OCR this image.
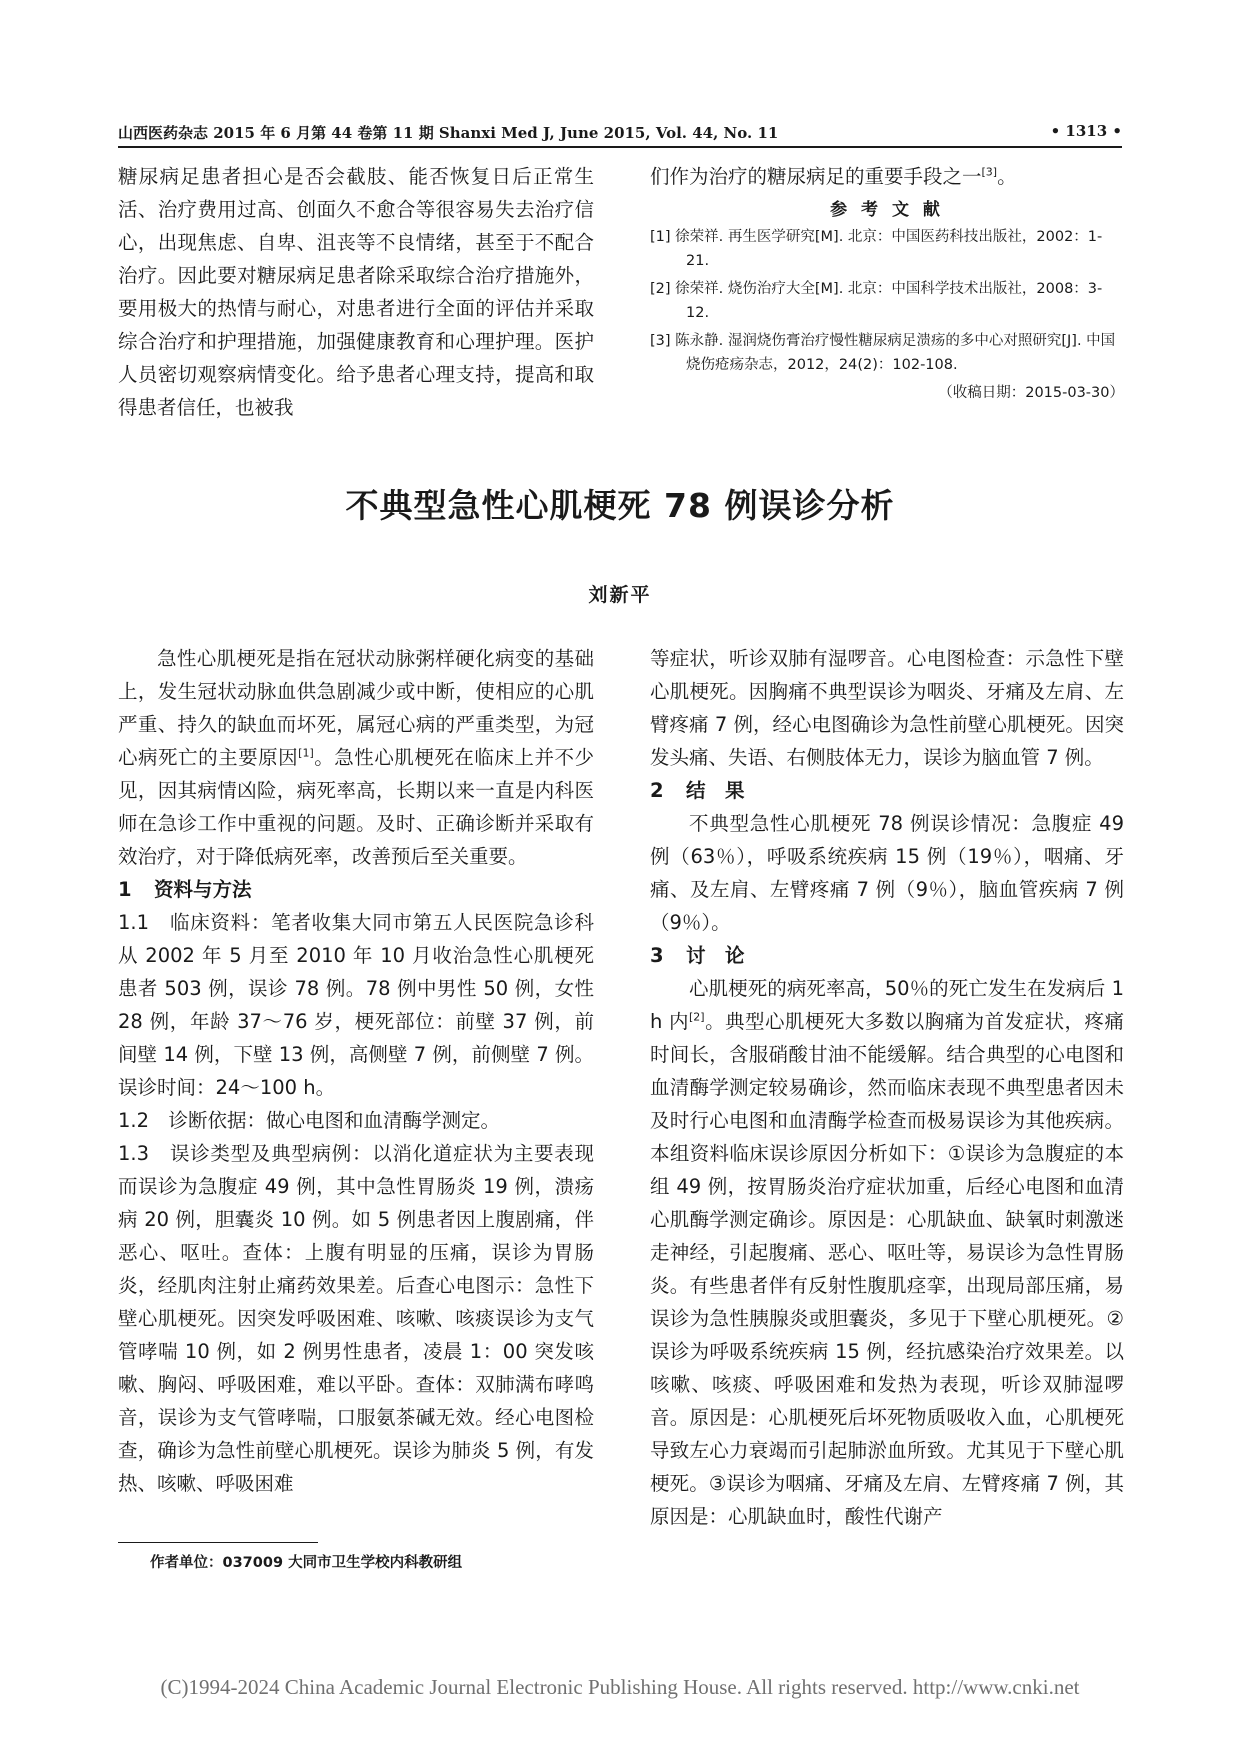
山西医药杂志 2015 年 6 月第 44 卷第 11 期 Shanxi Med J, June 2015, Vol. 44, No. 11	• 1313 •

糖尿病足患者担心是否会截肢、能否恢复日后正常生活、治疗费用过高、创面久不愈合等很容易失去治疗信心，出现焦虑、自卑、沮丧等不良情绪，甚至于不配合治疗。因此要对糖尿病足患者除采取综合治疗措施外，要用极大的热情与耐心，对患者进行全面的评估并采取综合治疗和护理措施，加强健康教育和心理护理。医护人员密切观察病情变化。给予患者心理支持，提高和取得患者信任，也被我

们作为治疗的糖尿病足的重要手段之一[3]。

参 考 文 献
[1] 徐荣祥. 再生医学研究[M]. 北京：中国医药科技出版社，2002：1-21.
[2] 徐荣祥. 烧伤治疗大全[M]. 北京：中国科学技术出版社，2008：3-12.
[3] 陈永静. 湿润烧伤膏治疗慢性糖尿病足溃疡的多中心对照研究[J]. 中国烧伤疮疡杂志，2012，24(2)：102-108.
（收稿日期：2015-03-30）
不典型急性心肌梗死 78 例误诊分析
刘新平

急性心肌梗死是指在冠状动脉粥样硬化病变的基础上，发生冠状动脉血供急剧减少或中断，使相应的心肌严重、持久的缺血而坏死，属冠心病的严重类型，为冠心病死亡的主要原因[1]。急性心肌梗死在临床上并不少见，因其病情凶险，病死率高，长期以来一直是内科医师在急诊工作中重视的问题。及时、正确诊断并采取有效治疗，对于降低病死率，改善预后至关重要。

1 资料与方法

1.1　临床资料：笔者收集大同市第五人民医院急诊科从 2002 年 5 月至 2010 年 10 月收治急性心肌梗死患者 503 例，误诊 78 例。78 例中男性 50 例，女性 28 例，年龄 37～76 岁，梗死部位：前壁 37 例，前间壁 14 例，下壁 13 例，高侧壁 7 例，前侧壁 7 例。误诊时间：24～100 h。

1.2　诊断依据：做心电图和血清酶学测定。

1.3　误诊类型及典型病例：以消化道症状为主要表现而误诊为急腹症 49 例，其中急性胃肠炎 19 例，溃疡病 20 例，胆囊炎 10 例。如 5 例患者因上腹剧痛，伴恶心、呕吐。查体：上腹有明显的压痛，误诊为胃肠炎，经肌肉注射止痛药效果差。后查心电图示：急性下壁心肌梗死。因突发呼吸困难、咳嗽、咳痰误诊为支气管哮喘 10 例，如 2 例男性患者，凌晨 1：00 突发咳嗽、胸闷、呼吸困难，难以平卧。查体：双肺满布哮鸣音，误诊为支气管哮喘，口服氨茶碱无效。经心电图检查，确诊为急性前壁心肌梗死。误诊为肺炎 5 例，有发热、咳嗽、呼吸困难

等症状，听诊双肺有湿啰音。心电图检查：示急性下壁心肌梗死。因胸痛不典型误诊为咽炎、牙痛及左肩、左臂疼痛 7 例，经心电图确诊为急性前壁心肌梗死。因突发头痛、失语、右侧肢体无力，误诊为脑血管 7 例。

2 结　果

不典型急性心肌梗死 78 例误诊情况：急腹症 49 例（63％），呼吸系统疾病 15 例（19％），咽痛、牙痛、及左肩、左臂疼痛 7 例（9％），脑血管疾病 7 例（9％）。

3 讨　论

心肌梗死的病死率高，50％的死亡发生在发病后 1 h 内[2]。典型心肌梗死大多数以胸痛为首发症状，疼痛时间长，含服硝酸甘油不能缓解。结合典型的心电图和血清酶学测定较易确诊，然而临床表现不典型患者因未及时行心电图和血清酶学检查而极易误诊为其他疾病。本组资料临床误诊原因分析如下：①误诊为急腹症的本组 49 例，按胃肠炎治疗症状加重，后经心电图和血清心肌酶学测定确诊。原因是：心肌缺血、缺氧时刺激迷走神经，引起腹痛、恶心、呕吐等，易误诊为急性胃肠炎。有些患者伴有反射性腹肌痉挛，出现局部压痛，易误诊为急性胰腺炎或胆囊炎，多见于下壁心肌梗死。②误诊为呼吸系统疾病 15 例，经抗感染治疗效果差。以咳嗽、咳痰、呼吸困难和发热为表现，听诊双肺湿啰音。原因是：心肌梗死后坏死物质吸收入血，心肌梗死导致左心力衰竭而引起肺淤血所致。尤其见于下壁心肌梗死。③误诊为咽痛、牙痛及左肩、左臂疼痛 7 例，其原因是：心肌缺血时，酸性代谢产

作者单位：037009 大同市卫生学校内科教研组
(C)1994-2024 China Academic Journal Electronic Publishing House. All rights reserved. http://www.cnki.net
